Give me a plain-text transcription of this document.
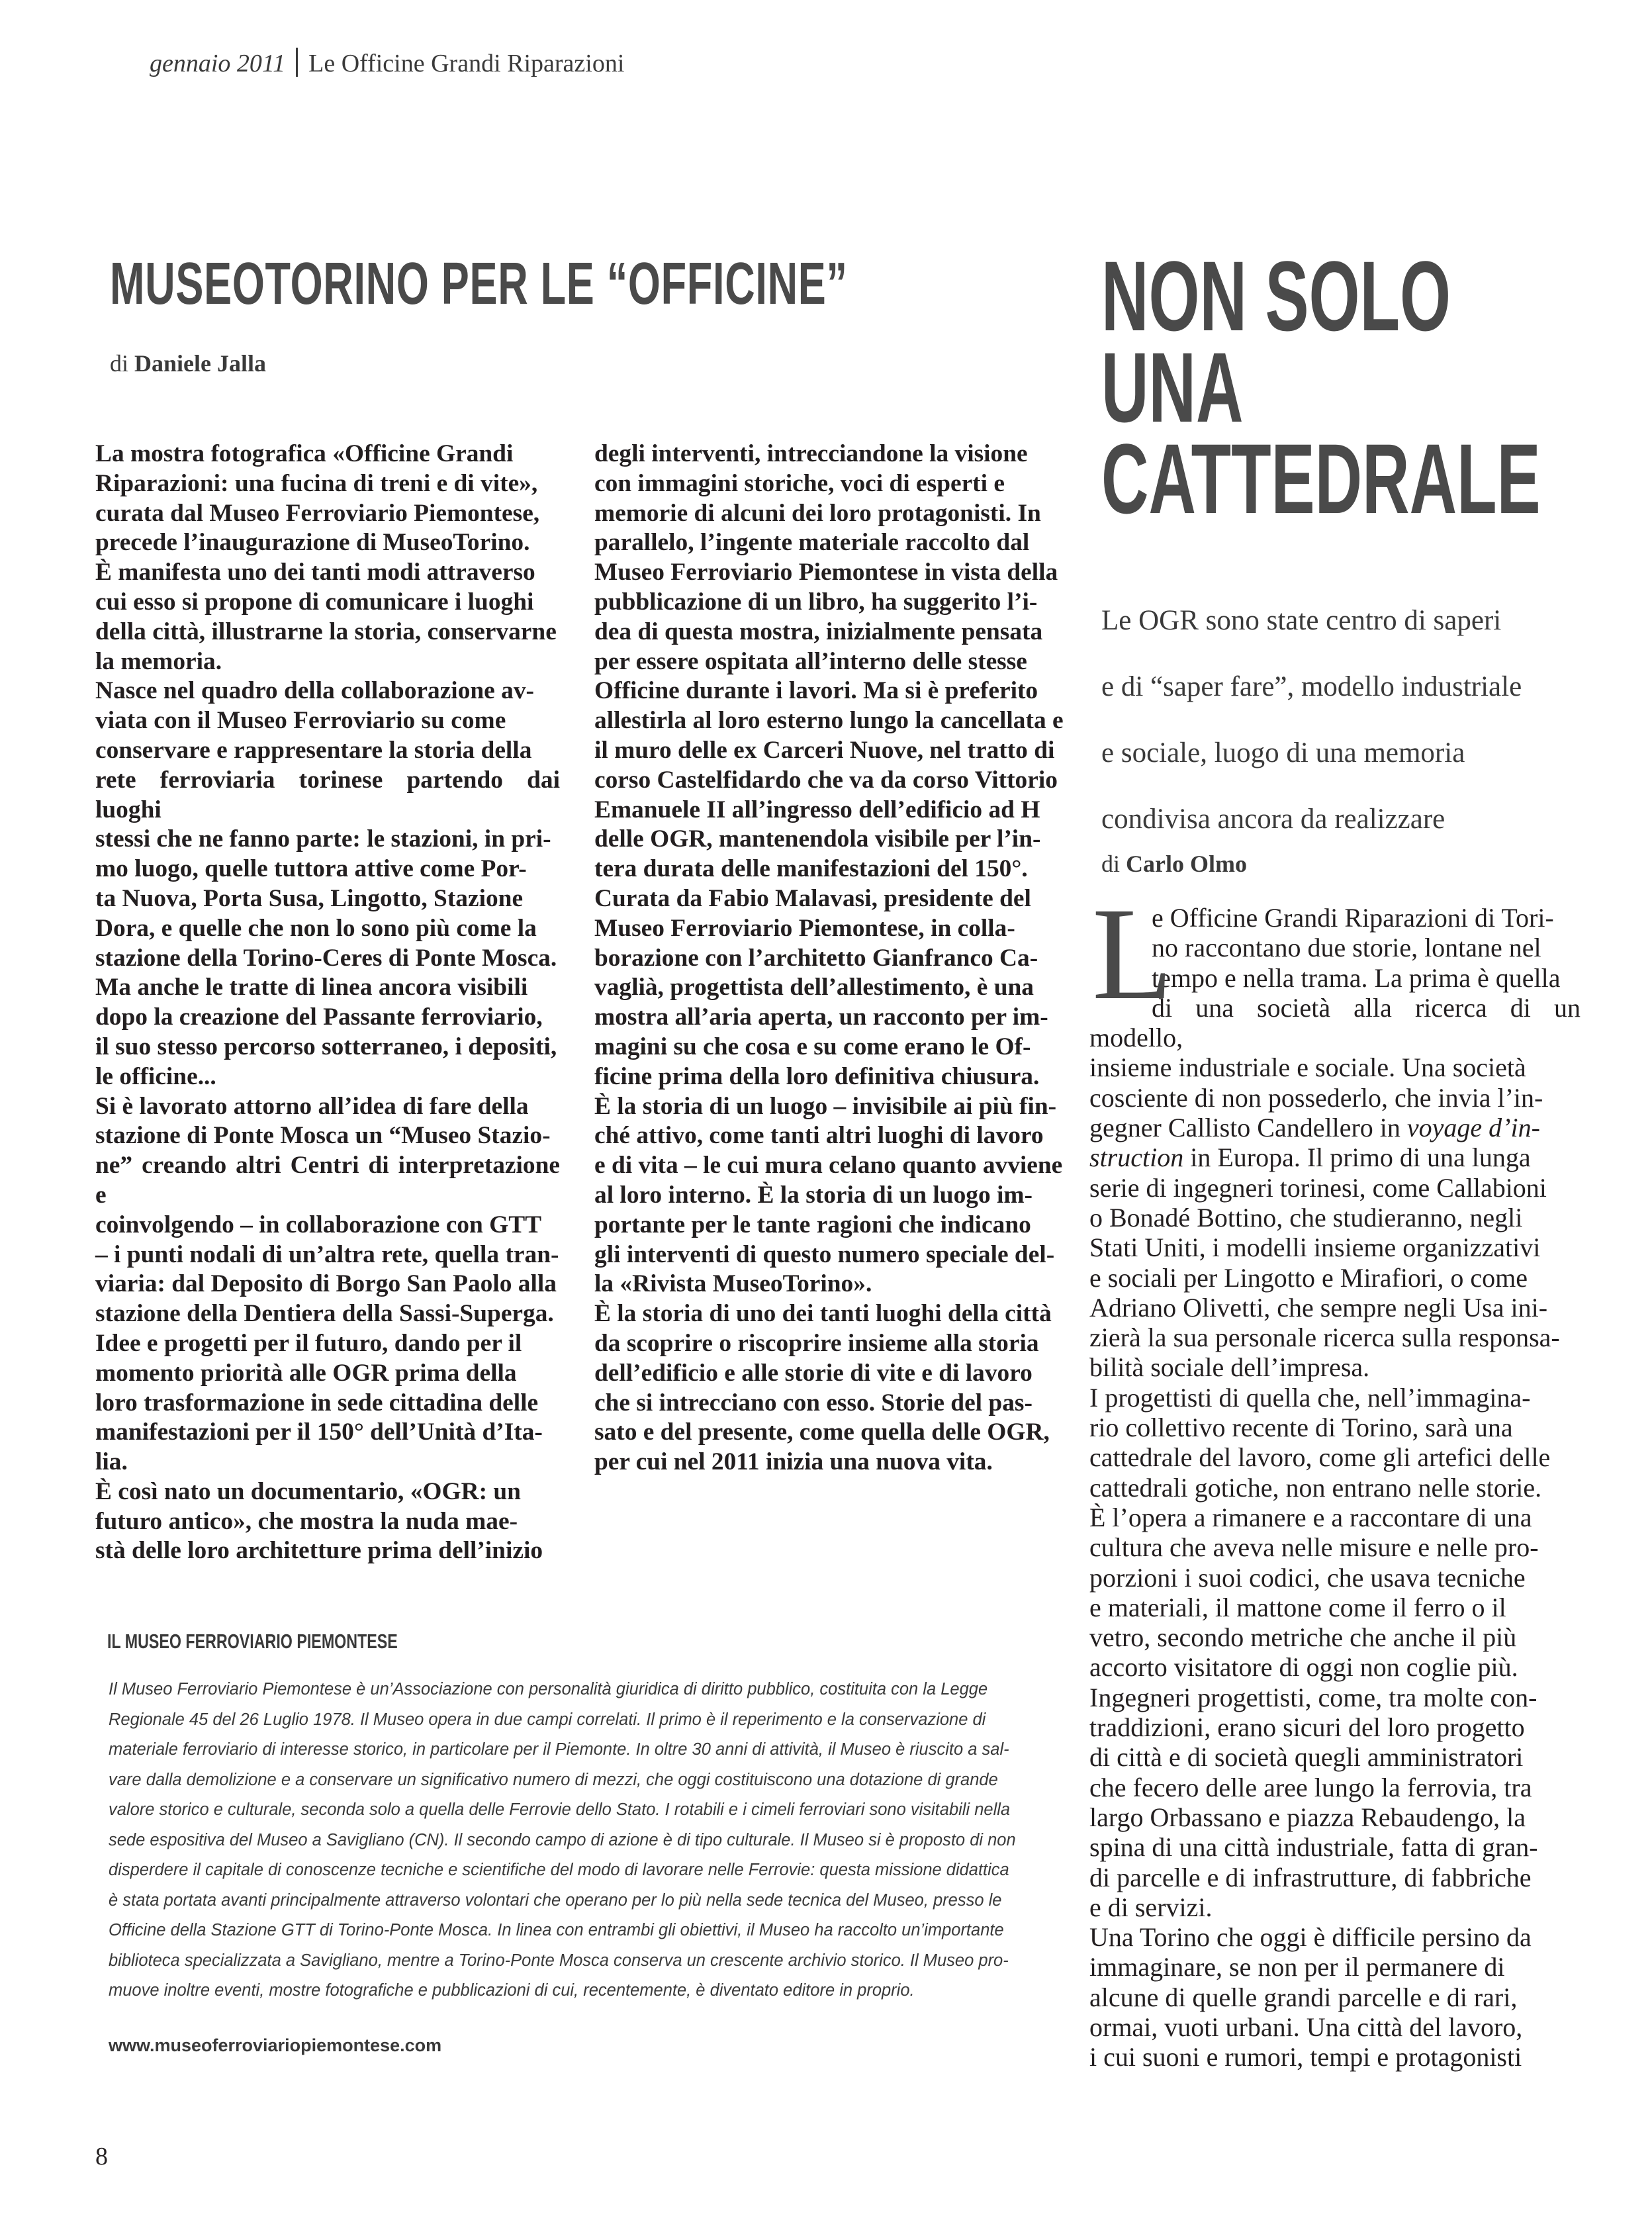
gennaio 2011 Le Officine Grandi Riparazioni
MUSEOTORINO PER LE “OFFICINE”
di Daniele Jalla
La mostra fotografica «Officine Grandi
Riparazioni: una fucina di treni e di vite»,
curata dal Museo Ferroviario Piemontese,
precede l’inaugurazione di MuseoTorino.
È manifesta uno dei tanti modi attraverso
cui esso si propone di comunicare i luoghi
della città, illustrarne la storia, conservarne
la memoria.
Nasce nel quadro della collaborazione av-
viata con il Museo Ferroviario su come
conservare e rappresentare la storia della
rete ferroviaria torinese partendo dai luoghi
stessi che ne fanno parte: le stazioni, in pri-
mo luogo, quelle tuttora attive come Por-
ta Nuova, Porta Susa, Lingotto, Stazione
Dora, e quelle che non lo sono più come la
stazione della Torino-Ceres di Ponte Mosca.
Ma anche le tratte di linea ancora visibili
dopo la creazione del Passante ferroviario,
il suo stesso percorso sotterraneo, i depositi,
le officine...
Si è lavorato attorno all’idea di fare della
stazione di Ponte Mosca un “Museo Stazio-
ne” creando altri Centri di interpretazione e
coinvolgendo – in collaborazione con GTT
– i punti nodali di un’altra rete, quella tran-
viaria: dal Deposito di Borgo San Paolo alla
stazione della Dentiera della Sassi-Superga.
Idee e progetti per il futuro, dando per il
momento priorità alle OGR prima della
loro trasformazione in sede cittadina delle
manifestazioni per il 150° dell’Unità d’Ita-
lia.
È così nato un documentario, «OGR: un
futuro antico», che mostra la nuda mae-
stà delle loro architetture prima dell’inizio
degli interventi, intrecciandone la visione
con immagini storiche, voci di esperti e
memorie di alcuni dei loro protagonisti. In
parallelo, l’ingente materiale raccolto dal
Museo Ferroviario Piemontese in vista della
pubblicazione di un libro, ha suggerito l’i-
dea di questa mostra, inizialmente pensata
per essere ospitata all’interno delle stesse
Officine durante i lavori. Ma si è preferito
allestirla al loro esterno lungo la cancellata e
il muro delle ex Carceri Nuove, nel tratto di
corso Castelfidardo che va da corso Vittorio
Emanuele II all’ingresso dell’edificio ad H
delle OGR, mantenendola visibile per l’in-
tera durata delle manifestazioni del 150°.
Curata da Fabio Malavasi, presidente del
Museo Ferroviario Piemontese, in colla-
borazione con l’architetto Gianfranco Ca-
vaglià, progettista dell’allestimento, è una
mostra all’aria aperta, un racconto per im-
magini su che cosa e su come erano le Of-
ficine prima della loro definitiva chiusura.
È la storia di un luogo – invisibile ai più fin-
ché attivo, come tanti altri luoghi di lavoro
e di vita – le cui mura celano quanto avviene
al loro interno. È la storia di un luogo im-
portante per le tante ragioni che indicano
gli interventi di questo numero speciale del-
la «Rivista MuseoTorino».
È la storia di uno dei tanti luoghi della città
da scoprire o riscoprire insieme alla storia
dell’edificio e alle storie di vite e di lavoro
che si intrecciano con esso. Storie del pas-
sato e del presente, come quella delle OGR,
per cui nel 2011 inizia una nuova vita.
IL MUSEO FERROVIARIO PIEMONTESE
Il Museo Ferroviario Piemontese è un’Associazione con personalità giuridica di diritto pubblico, costituita con la Legge
Regionale 45 del 26 Luglio 1978. Il Museo opera in due campi correlati. Il primo è il reperimento e la conservazione di
materiale ferroviario di interesse storico, in particolare per il Piemonte. In oltre 30 anni di attività, il Museo è riuscito a sal-
vare dalla demolizione e a conservare un significativo numero di mezzi, che oggi costituiscono una dotazione di grande
valore storico e culturale, seconda solo a quella delle Ferrovie dello Stato. I rotabili e i cimeli ferroviari sono visitabili nella
sede espositiva del Museo a Savigliano (CN). Il secondo campo di azione è di tipo culturale. Il Museo si è proposto di non
disperdere il capitale di conoscenze tecniche e scientifiche del modo di lavorare nelle Ferrovie: questa missione didattica
è stata portata avanti principalmente attraverso volontari che operano per lo più nella sede tecnica del Museo, presso le
Officine della Stazione GTT di Torino-Ponte Mosca. In linea con entrambi gli obiettivi, il Museo ha raccolto un’importante
biblioteca specializzata a Savigliano, mentre a Torino-Ponte Mosca conserva un crescente archivio storico. Il Museo pro-
muove inoltre eventi, mostre fotografiche e pubblicazioni di cui, recentemente, è diventato editore in proprio.
www.museoferroviariopiemontese.com
8
NON SOLO
UNA
CATTEDRALE
Le OGR sono state centro di saperi
e di “saper fare”, modello industriale
e sociale, luogo di una memoria
condivisa ancora da realizzare
di Carlo Olmo
L
e Officine Grandi Riparazioni di Tori-
no raccontano due storie, lontane nel
tempo e nella trama. La prima è quella
di una società alla ricerca di un modello,
insieme industriale e sociale. Una società
cosciente di non possederlo, che invia l’in-
gegner Callisto Candellero in voyage d’in-
struction in Europa. Il primo di una lunga
serie di ingegneri torinesi, come Callabioni
o Bonadé Bottino, che studieranno, negli
Stati Uniti, i modelli insieme organizzativi
e sociali per Lingotto e Mirafiori, o come
Adriano Olivetti, che sempre negli Usa ini-
zierà la sua personale ricerca sulla responsa-
bilità sociale dell’impresa.
I progettisti di quella che, nell’immagina-
rio collettivo recente di Torino, sarà una
cattedrale del lavoro, come gli artefici delle
cattedrali gotiche, non entrano nelle storie.
È l’opera a rimanere e a raccontare di una
cultura che aveva nelle misure e nelle pro-
porzioni i suoi codici, che usava tecniche
e materiali, il mattone come il ferro o il
vetro, secondo metriche che anche il più
accorto visitatore di oggi non coglie più.
Ingegneri progettisti, come, tra molte con-
traddizioni, erano sicuri del loro progetto
di città e di società quegli amministratori
che fecero delle aree lungo la ferrovia, tra
largo Orbassano e piazza Rebaudengo, la
spina di una città industriale, fatta di gran-
di parcelle e di infrastrutture, di fabbriche
e di servizi.
Una Torino che oggi è difficile persino da
immaginare, se non per il permanere di
alcune di quelle grandi parcelle e di rari,
ormai, vuoti urbani. Una città del lavoro,
i cui suoni e rumori, tempi e protagonisti
